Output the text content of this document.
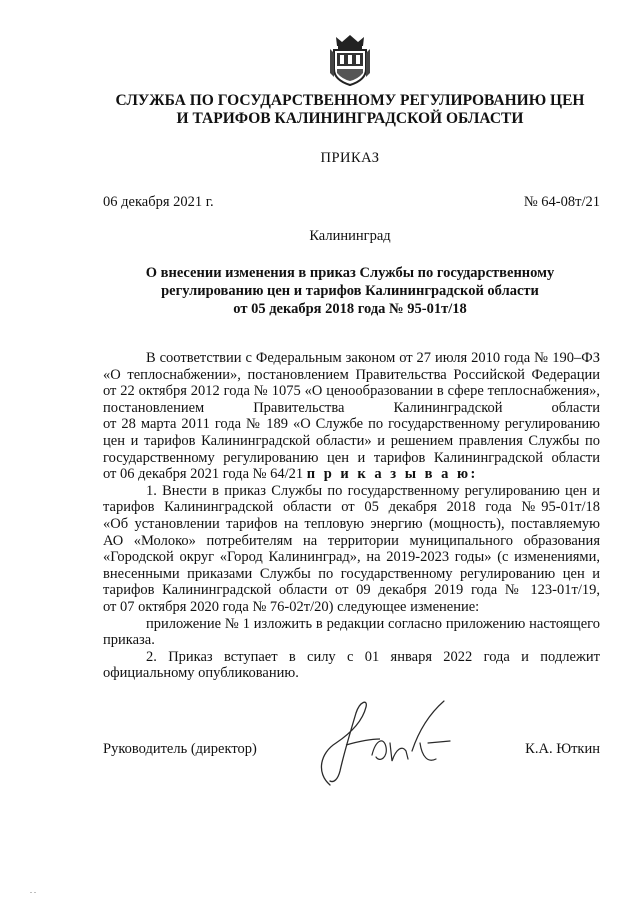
СЛУЖБА ПО ГОСУДАРСТВЕННОМУ РЕГУЛИРОВАНИЮ ЦЕН
И ТАРИФОВ КАЛИНИНГРАДСКОЙ ОБЛАСТИ
ПРИКАЗ
06 декабря 2021 г.	№ 64-08т/21
Калининград
О внесении изменения в приказ Службы по государственному
регулированию цен и тарифов Калининградской области
от 05 декабря 2018 года № 95-01т/18
В соответствии с Федеральным законом от 27 июля 2010 года № 190–ФЗ
«О теплоснабжении», постановлением Правительства Российской Федерации
от 22 октября 2012 года № 1075 «О ценообразовании в сфере теплоснабжения»,
постановлением Правительства Калининградской области
от 28 марта 2011 года № 189 «О Службе по государственному регулированию
цен и тарифов Калининградской области» и решением правления Службы по
государственному регулированию цен и тарифов Калининградской области
от 06 декабря 2021 года № 64/21 п р и к а з ы в а ю:
1. Внести в приказ Службы по государственному регулированию цен и
тарифов Калининградской области от 05 декабря 2018 года №95-01т/18
«Об установлении тарифов на тепловую энергию (мощность), поставляемую
АО «Молоко» потребителям на территории муниципального образования
«Городской округ «Город Калининград», на 2019-2023 годы» (с изменениями,
внесенными приказами Службы по государственному регулированию цен и
тарифов Калининградской области от 09 декабря 2019 года № 123-01т/19,
от 07 октября 2020 года № 76-02т/20) следующее изменение:
приложение № 1 изложить в редакции согласно приложению настоящего
приказа.
2. Приказ вступает в силу с 01 января 2022 года и подлежит
официальному опубликованию.
Руководитель (директор)	К.А. Юткин
. .
